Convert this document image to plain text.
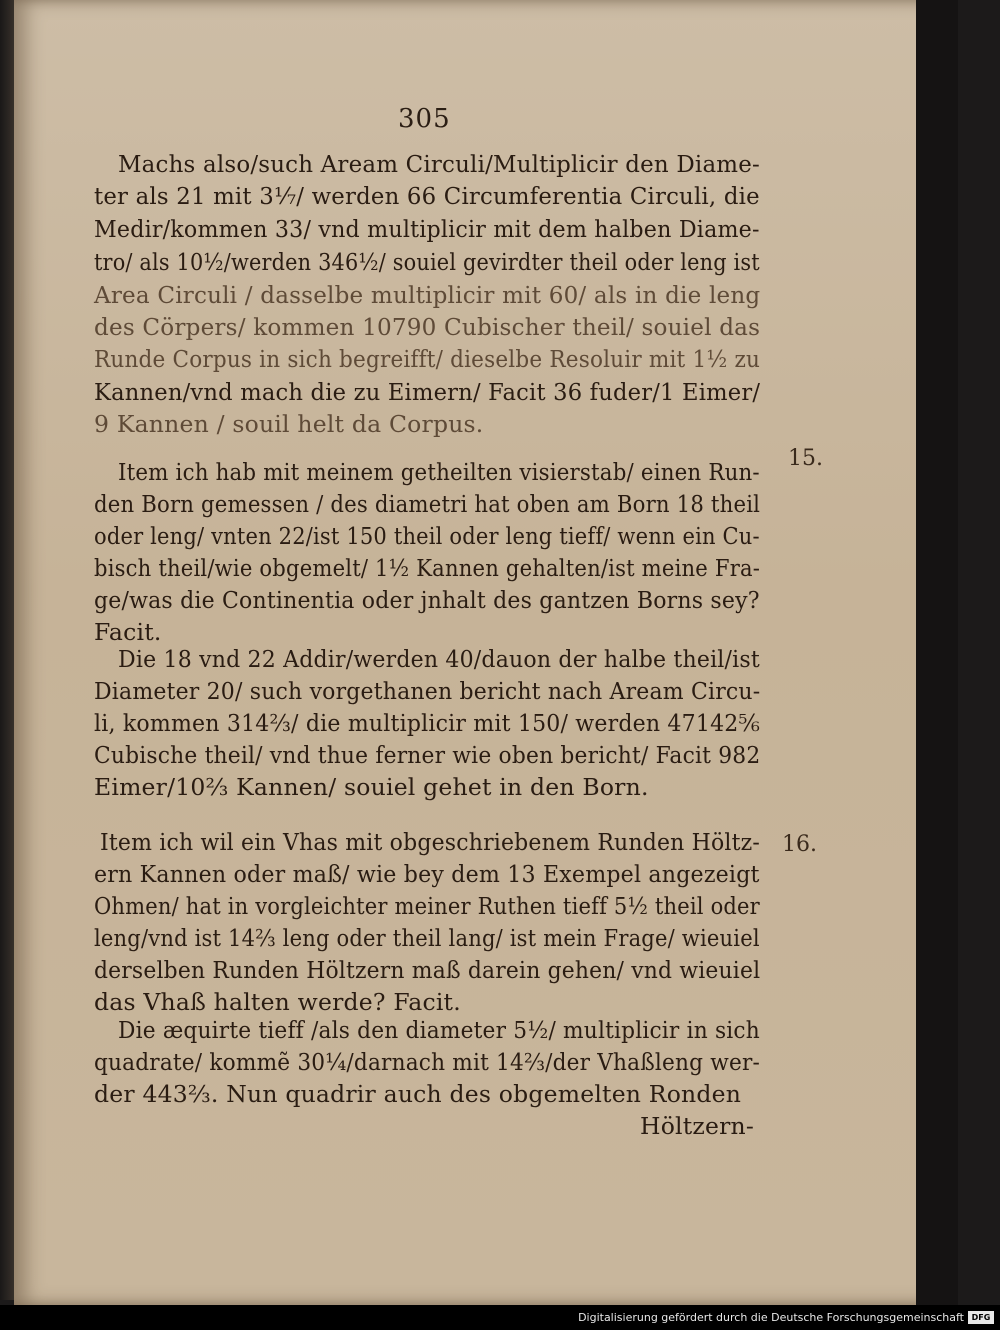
305
Machs also/such Aream Circuli/Multiplicir den Diame-
ter als 21 mit 3⅐/ werden 66 Circumferentia Circuli, die
Medir/kommen 33/ vnd multiplicir mit dem halben Diame-
tro/ als 10½/werden 346½/ souiel gevirdter theil oder leng ist
Area Circuli / dasselbe multiplicir mit 60/ als in die leng
des Cörpers/ kommen 10790 Cubischer theil/ souiel das
Runde Corpus in sich begreifft/ dieselbe Resoluir mit 1½ zu
Kannen/vnd mach die zu Eimern/ Facit 36 fuder/1 Eimer/
9 Kannen / souil helt da Corpus.
15.
Item ich hab mit meinem getheilten visierstab/ einen Run-
den Born gemessen / des diametri hat oben am Born 18 theil
oder leng/ vnten 22/ist 150 theil oder leng tieff/ wenn ein Cu-
bisch theil/wie obgemelt/ 1½ Kannen gehalten/ist meine Fra-
ge/was die Continentia oder jnhalt des gantzen Borns sey?
Facit.
Die 18 vnd 22 Addir/werden 40/dauon der halbe theil/ist
Diameter 20/ such vorgethanen bericht nach Aream Circu-
li, kommen 314⅔/ die multiplicir mit 150/ werden 47142⅚
Cubische theil/ vnd thue ferner wie oben bericht/ Facit 982
Eimer/10⅔ Kannen/ souiel gehet in den Born.
16.
Item ich wil ein Vhas mit obgeschriebenem Runden Höltz-
ern Kannen oder maß/ wie bey dem 13 Exempel angezeigt
Ohmen/ hat in vorgleichter meiner Ruthen tieff 5½ theil oder
leng/vnd ist 14⅔ leng oder theil lang/ ist mein Frage/ wieuiel
derselben Runden Höltzern maß darein gehen/ vnd wieuiel
das Vhaß halten werde? Facit.
Die æquirte tieff /als den diameter 5½/ multiplicir in sich
quadrate/ kommẽ 30¼/darnach mit 14⅔/der Vhaßleng wer-
der 443⅔. Nun quadrir auch des obgemelten Ronden
Höltzern-
Digitalisierung gefördert durch die Deutsche Forschungsgemeinschaft DFG
